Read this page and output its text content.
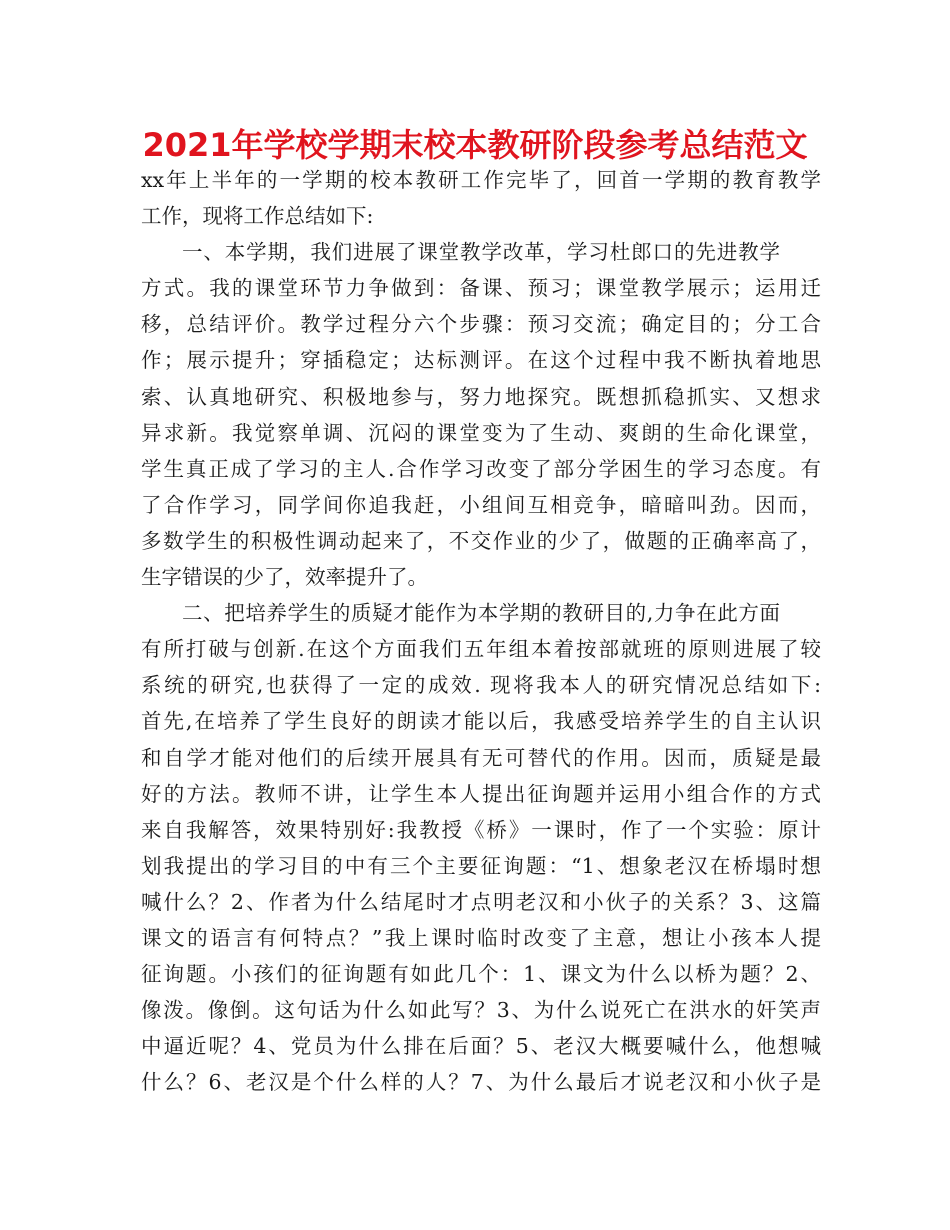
2021年学校学期末校本教研阶段参考总结范文
xx年上半年的一学期的校本教研工作完毕了，回首一学期的教育教学
工作，现将工作总结如下:
一、本学期，我们进展了课堂教学改革，学习杜郎口的先进教学
方式。我的课堂环节力争做到：备课、预习；课堂教学展示；运用迁
移，总结评价。教学过程分六个步骤：预习交流；确定目的；分工合
作；展示提升；穿插稳定；达标测评。在这个过程中我不断执着地思
索、认真地研究、积极地参与，努力地探究。既想抓稳抓实、又想求
异求新。我觉察单调、沉闷的课堂变为了生动、爽朗的生命化课堂，
学生真正成了学习的主人.合作学习改变了部分学困生的学习态度。有
了合作学习，同学间你追我赶，小组间互相竞争，暗暗叫劲。因而，
多数学生的积极性调动起来了，不交作业的少了，做题的正确率高了，
生字错误的少了，效率提升了。
二、把培养学生的质疑才能作为本学期的教研目的,力争在此方面
有所打破与创新.在这个方面我们五年组本着按部就班的原则进展了较
系统的研究,也获得了一定的成效. 现将我本人的研究情况总结如下:
首先,在培养了学生良好的朗读才能以后，我感受培养学生的自主认识
和自学才能对他们的后续开展具有无可替代的作用。因而，质疑是最
好的方法。教师不讲，让学生本人提出征询题并运用小组合作的方式
来自我解答，效果特别好:我教授《桥》一课时，作了一个实验：原计
划我提出的学习目的中有三个主要征询题：“1、想象老汉在桥塌时想
喊什么？2、作者为什么结尾时才点明老汉和小伙子的关系？3、这篇
课文的语言有何特点？”我上课时临时改变了主意，想让小孩本人提
征询题。小孩们的征询题有如此几个：1、课文为什么以桥为题？2、
像泼。像倒。这句话为什么如此写？3、为什么说死亡在洪水的奸笑声
中逼近呢？4、党员为什么排在后面？5、老汉大概要喊什么，他想喊
什么？6、老汉是个什么样的人？7、为什么最后才说老汉和小伙子是
